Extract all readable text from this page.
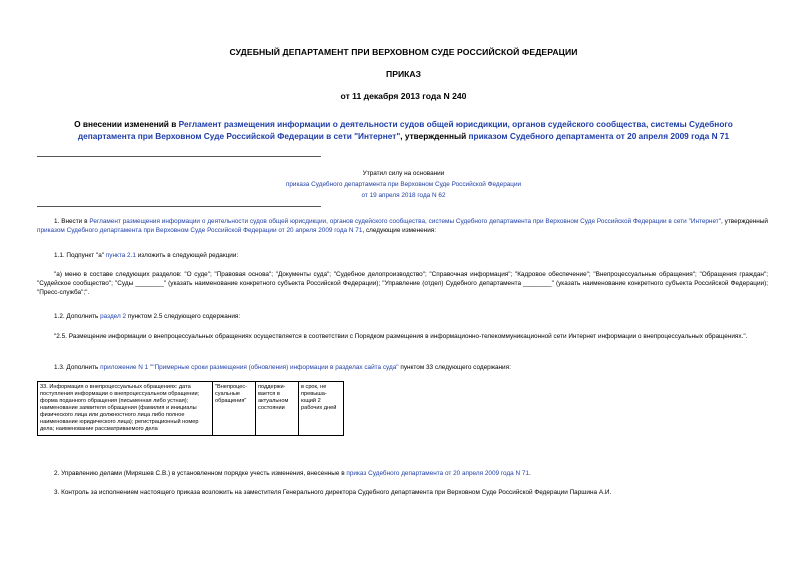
СУДЕБНЫЙ ДЕПАРТАМЕНТ ПРИ ВЕРХОВНОМ СУДЕ РОССИЙСКОЙ ФЕДЕРАЦИИ
ПРИКАЗ
от 11 декабря 2013 года N 240
О внесении изменений в Регламент размещения информации о деятельности судов общей юрисдикции, органов судейского сообщества, системы Судебного департамента при Верховном Суде Российской Федерации в сети "Интернет", утвержденный приказом Судебного департамента от 20 апреля 2009 года N 71
Утратил силу на основании
приказа Судебного департамента при Верховном Суде Российской Федерации
от 19 апреля 2018 года N 62
1. Внести в Регламент размещения информации о деятельности судов общей юрисдикции, органов судейского сообщества, системы Судебного департамента при Верховном Суде Российской Федерации в сети "Интернет", утвержденный приказом Судебного департамента при Верховном Суде Российской Федерации от 20 апреля 2009 года N 71, следующие изменения:
1.1. Подпункт "а" пункта 2.1 изложить в следующей редакции:
"а) меню в составе следующих разделов: "О суде"; "Правовая основа"; "Документы суда"; "Судебное делопроизводство"; "Справочная информация"; "Кадровое обеспечение"; "Внепроцессуальные обращения"; "Обращения граждан"; "Судейское сообщество"; "Суды ________" (указать наименование конкретного субъекта Российской Федерации); "Управление (отдел) Судебного департамента ________" (указать наименование конкретного субъекта Российской Федерации); "Пресс-служба";".
1.2. Дополнить раздел 2 пунктом 2.5 следующего содержания:
"2.5. Размещение информации о внепроцессуальных обращениях осуществляется в соответствии с Порядком размещения в информационно-телекоммуникационной сети Интернет информации о внепроцессуальных обращениях.".
1.3. Дополнить приложение N 1 ""Примерные сроки размещения (обновления) информации в разделах сайта суда" пунктом 33 следующего содержания:
33. Информация о внепроцессуальных обращениях: дата поступления информации о внепроцессуальном обращении; форма поданного обращения (письменная либо устная); наименование заявителя обращения (фамилия и инициалы физического лица или должностного лица либо полное наименование юридического лица); регистрационный номер дела; наименование рассматриваемого дела	"Внепроцес-суальные обращения"	поддержи-вается в актуальном состоянии	в срок, не превыша-ющий 2 рабочих дней
2. Управлению делами (Миряшев С.В.) в установленном порядке учесть изменения, внесенные в приказ Судебного департамента от 20 апреля 2009 года N 71.
3. Контроль за исполнением настоящего приказа возложить на заместителя Генерального директора Судебного департамента при Верховном Суде Российской Федерации Паршина А.И.
